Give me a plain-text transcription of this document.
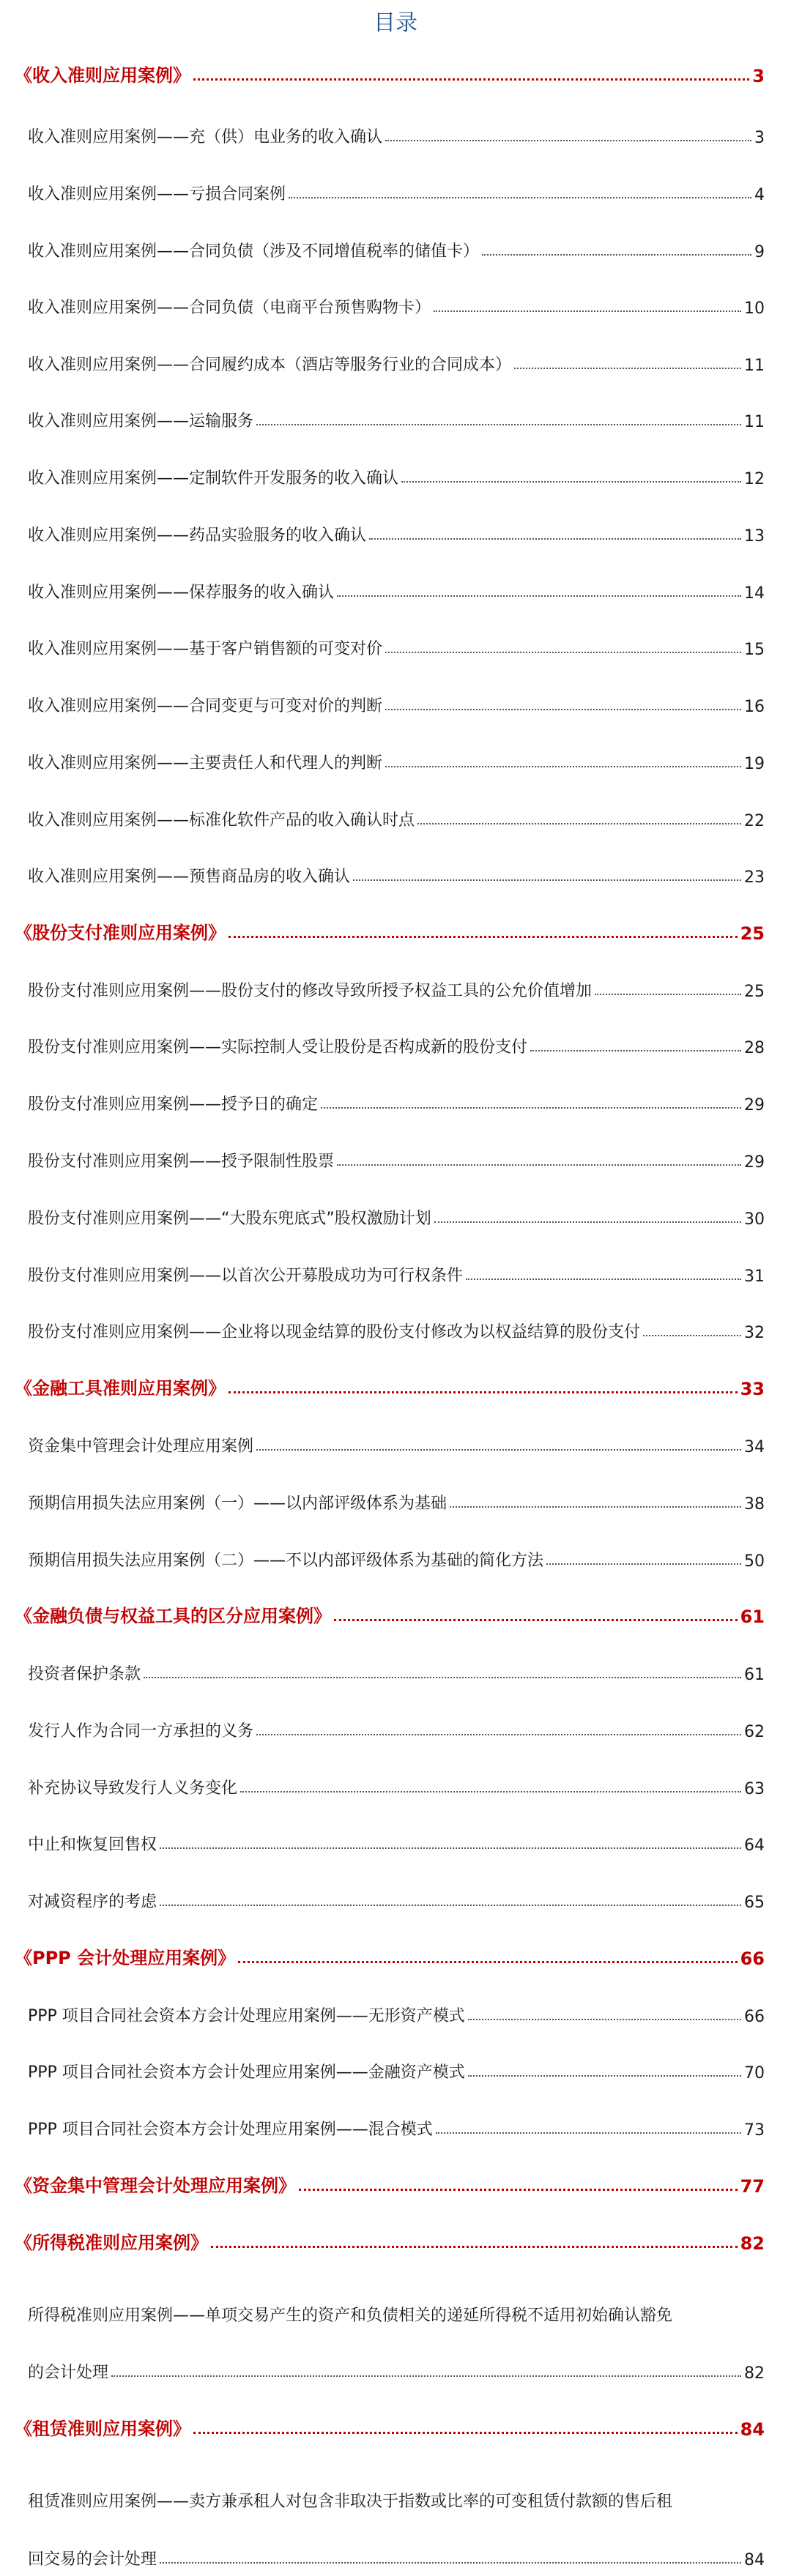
目录
《收入准则应用案例》	3
收入准则应用案例——充（供）电业务的收入确认	3
收入准则应用案例——亏损合同案例	4
收入准则应用案例——合同负债（涉及不同增值税率的储值卡）	9
收入准则应用案例——合同负债（电商平台预售购物卡）	10
收入准则应用案例——合同履约成本（酒店等服务行业的合同成本）	11
收入准则应用案例——运输服务	11
收入准则应用案例——定制软件开发服务的收入确认	12
收入准则应用案例——药品实验服务的收入确认	13
收入准则应用案例——保荐服务的收入确认	14
收入准则应用案例——基于客户销售额的可变对价	15
收入准则应用案例——合同变更与可变对价的判断	16
收入准则应用案例——主要责任人和代理人的判断	19
收入准则应用案例——标准化软件产品的收入确认时点	22
收入准则应用案例——预售商品房的收入确认	23
《股份支付准则应用案例》	25
股份支付准则应用案例——股份支付的修改导致所授予权益工具的公允价值增加	25
股份支付准则应用案例——实际控制人受让股份是否构成新的股份支付	28
股份支付准则应用案例——授予日的确定	29
股份支付准则应用案例——授予限制性股票	29
股份支付准则应用案例——“大股东兜底式”股权激励计划	30
股份支付准则应用案例——以首次公开募股成功为可行权条件	31
股份支付准则应用案例——企业将以现金结算的股份支付修改为以权益结算的股份支付	32
《金融工具准则应用案例》	33
资金集中管理会计处理应用案例	34
预期信用损失法应用案例（一）——以内部评级体系为基础	38
预期信用损失法应用案例（二）——不以内部评级体系为基础的简化方法	50
《金融负债与权益工具的区分应用案例》	61
投资者保护条款	61
发行人作为合同一方承担的义务	62
补充协议导致发行人义务变化	63
中止和恢复回售权	64
对减资程序的考虑	65
《PPP 会计处理应用案例》	66
PPP 项目合同社会资本方会计处理应用案例——无形资产模式	66
PPP 项目合同社会资本方会计处理应用案例——金融资产模式	70
PPP 项目合同社会资本方会计处理应用案例——混合模式	73
《资金集中管理会计处理应用案例》	77
《所得税准则应用案例》	82
所得税准则应用案例——单项交易产生的资产和负债相关的递延所得税不适用初始确认豁免
的会计处理	82
《租赁准则应用案例》	84
租赁准则应用案例——卖方兼承租人对包含非取决于指数或比率的可变租赁付款额的售后租
回交易的会计处理	84
